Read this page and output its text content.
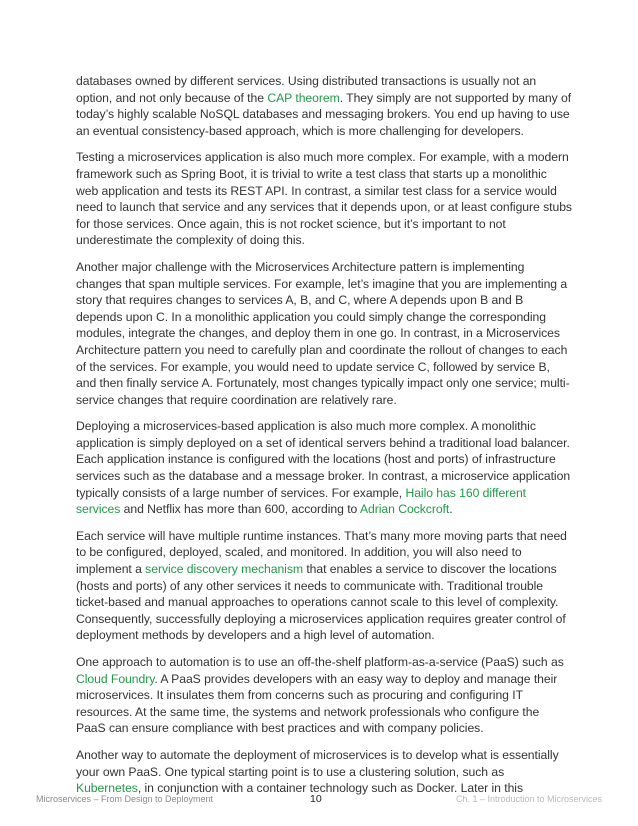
databases owned by different services. Using distributed transactions is usually not an option, and not only because of the CAP theorem. They simply are not supported by many of today’s highly scalable NoSQL databases and messaging brokers. You end up having to use an eventual consistency-based approach, which is more challenging for developers.

Testing a microservices application is also much more complex. For example, with a modern framework such as Spring Boot, it is trivial to write a test class that starts up a monolithic web application and tests its REST API. In contrast, a similar test class for a service would need to launch that service and any services that it depends upon, or at least configure stubs for those services. Once again, this is not rocket science, but it’s important to not underestimate the complexity of doing this.

Another major challenge with the Microservices Architecture pattern is implementing changes that span multiple services. For example, let’s imagine that you are implementing a story that requires changes to services A, B, and C, where A depends upon B and B depends upon C. In a monolithic application you could simply change the corresponding modules, integrate the changes, and deploy them in one go. In contrast, in a Microservices Architecture pattern you need to carefully plan and coordinate the rollout of changes to each of the services. For example, you would need to update service C, followed by service B, and then finally service A. Fortunately, most changes typically impact only one service; multi-service changes that require coordination are relatively rare.

Deploying a microservices-based application is also much more complex. A monolithic application is simply deployed on a set of identical servers behind a traditional load balancer. Each application instance is configured with the locations (host and ports) of infrastructure services such as the database and a message broker. In contrast, a microservice application typically consists of a large number of services. For example, Hailo has 160 different services and Netflix has more than 600, according to Adrian Cockcroft.

Each service will have multiple runtime instances. That’s many more moving parts that need to be configured, deployed, scaled, and monitored. In addition, you will also need to implement a service discovery mechanism that enables a service to discover the locations (hosts and ports) of any other services it needs to communicate with. Traditional trouble ticket-based and manual approaches to operations cannot scale to this level of complexity. Consequently, successfully deploying a microservices application requires greater control of deployment methods by developers and a high level of automation.

One approach to automation is to use an off-the-shelf platform-as-a-service (PaaS) such as Cloud Foundry. A PaaS provides developers with an easy way to deploy and manage their microservices. It insulates them from concerns such as procuring and configuring IT resources. At the same time, the systems and network professionals who configure the PaaS can ensure compliance with best practices and with company policies.

Another way to automate the deployment of microservices is to develop what is essentially your own PaaS. One typical starting point is to use a clustering solution, such as Kubernetes, in conjunction with a container technology such as Docker. Later in this

Microservices – From Design to Deployment	10	Ch. 1 – Introduction to Microservices
